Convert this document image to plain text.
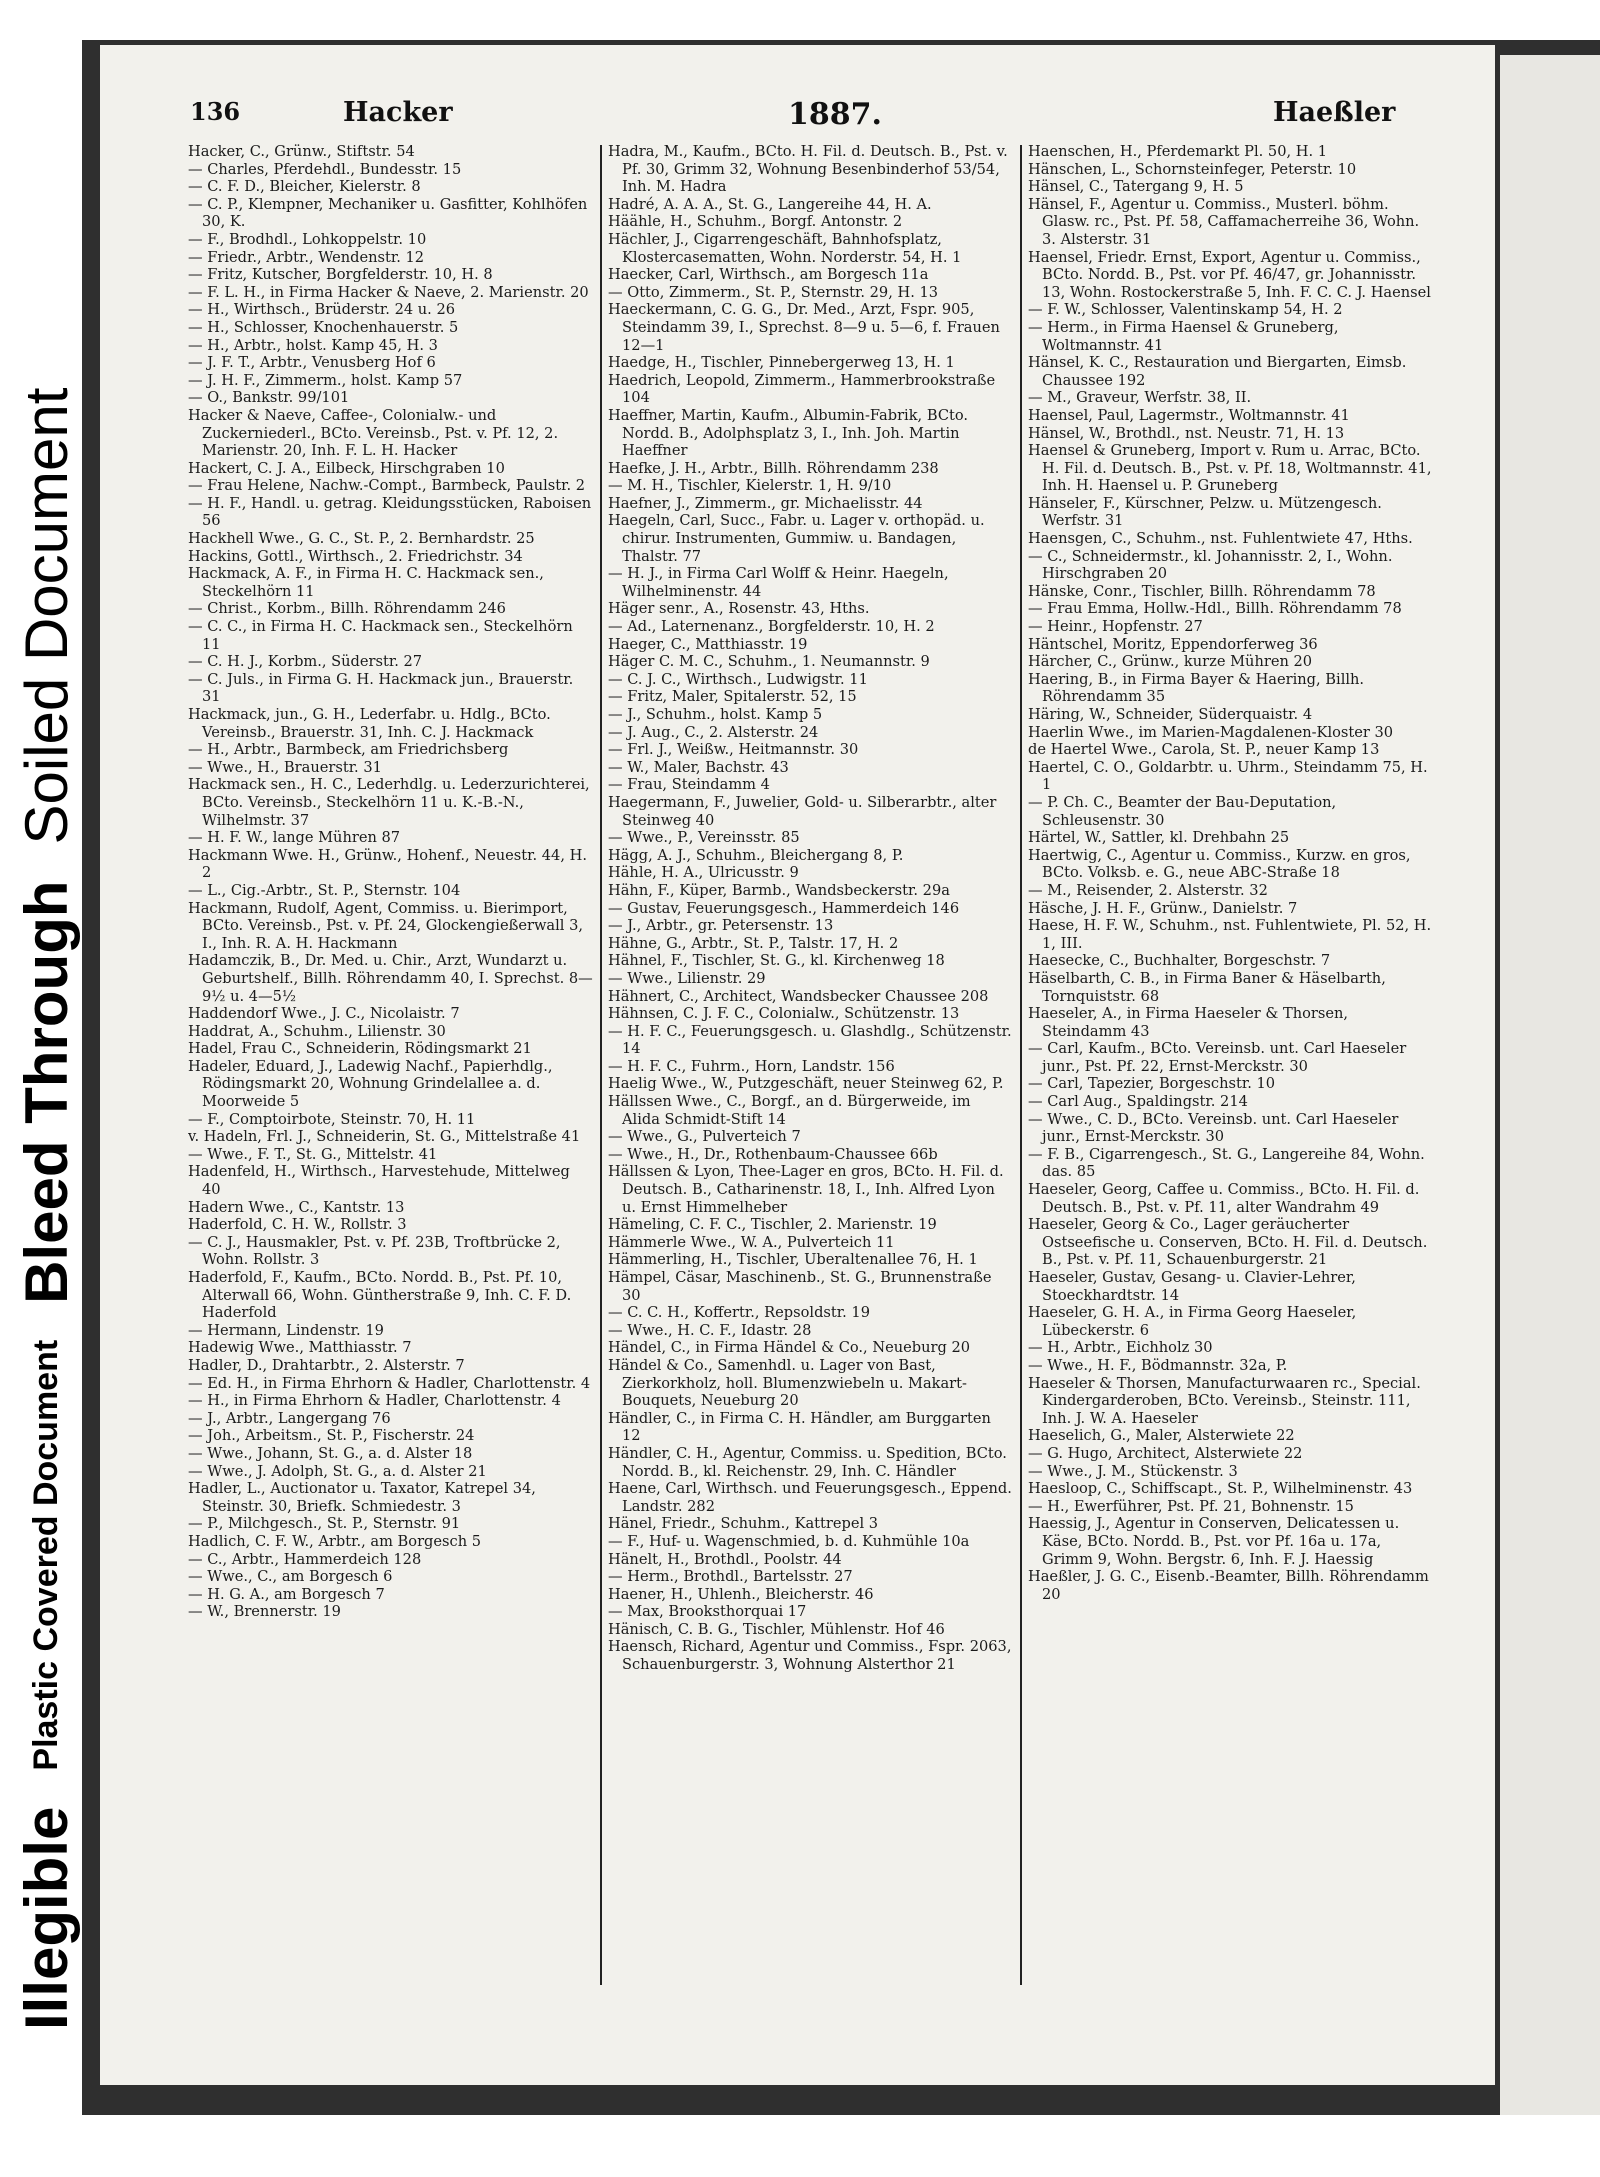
Illegible
Plastic Covered Document
Bleed Through
Soiled Document
136	Hacker	1887.	Haeßler

Hacker, C., Grünw., Stiftstr. 54

— Charles, Pferdehdl., Bundesstr. 15

— C. F. D., Bleicher, Kielerstr. 8

— C. P., Klempner, Mechaniker u. Gasfitter, Kohlhöfen 30, K.

— F., Brodhdl., Lohkoppelstr. 10

— Friedr., Arbtr., Wendenstr. 12

— Fritz, Kutscher, Borgfelderstr. 10, H. 8

— F. L. H., in Firma Hacker & Naeve, 2. Marienstr. 20

— H., Wirthsch., Brüderstr. 24 u. 26

— H., Schlosser, Knochenhauerstr. 5

— H., Arbtr., holst. Kamp 45, H. 3

— J. F. T., Arbtr., Venusberg Hof 6

— J. H. F., Zimmerm., holst. Kamp 57

— O., Bankstr. 99/101

Hacker & Naeve, Caffee-, Colonialw.- und Zuckerniederl., BCto. Vereinsb., Pst. v. Pf. 12, 2. Marienstr. 20, Inh. F. L. H. Hacker

Hackert, C. J. A., Eilbeck, Hirschgraben 10

— Frau Helene, Nachw.-Compt., Barmbeck, Paulstr. 2

— H. F., Handl. u. getrag. Kleidungsstücken, Raboisen 56

Hackhell Wwe., G. C., St. P., 2. Bernhardstr. 25

Hackins, Gottl., Wirthsch., 2. Friedrichstr. 34

Hackmack, A. F., in Firma H. C. Hackmack sen., Steckelhörn 11

— Christ., Korbm., Billh. Röhrendamm 246

— C. C., in Firma H. C. Hackmack sen., Steckelhörn 11

— C. H. J., Korbm., Süderstr. 27

— C. Juls., in Firma G. H. Hackmack jun., Brauerstr. 31

Hackmack, jun., G. H., Lederfabr. u. Hdlg., BCto. Vereinsb., Brauerstr. 31, Inh. C. J. Hackmack

— H., Arbtr., Barmbeck, am Friedrichsberg

— Wwe., H., Brauerstr. 31

Hackmack sen., H. C., Lederhdlg. u. Lederzurichterei, BCto. Vereinsb., Steckelhörn 11 u. K.-B.-N., Wilhelmstr. 37

— H. F. W., lange Mühren 87

Hackmann Wwe. H., Grünw., Hohenf., Neuestr. 44, H. 2

— L., Cig.-Arbtr., St. P., Sternstr. 104

Hackmann, Rudolf, Agent, Commiss. u. Bierimport, BCto. Vereinsb., Pst. v. Pf. 24, Glockengießerwall 3, I., Inh. R. A. H. Hackmann

Hadamczik, B., Dr. Med. u. Chir., Arzt, Wundarzt u. Geburtshelf., Billh. Röhrendamm 40, I. Sprechst. 8—9½ u. 4—5½

Haddendorf Wwe., J. C., Nicolaistr. 7

Haddrat, A., Schuhm., Lilienstr. 30

Hadel, Frau C., Schneiderin, Rödingsmarkt 21

Hadeler, Eduard, J., Ladewig Nachf., Papierhdlg., Rödingsmarkt 20, Wohnung Grindelallee a. d. Moorweide 5

— F., Comptoirbote, Steinstr. 70, H. 11

v. Hadeln, Frl. J., Schneiderin, St. G., Mittelstraße 41

— Wwe., F. T., St. G., Mittelstr. 41

Hadenfeld, H., Wirthsch., Harvestehude, Mittelweg 40

Hadern Wwe., C., Kantstr. 13

Haderfold, C. H. W., Rollstr. 3

— C. J., Hausmakler, Pst. v. Pf. 23B, Troftbrücke 2, Wohn. Rollstr. 3

Haderfold, F., Kaufm., BCto. Nordd. B., Pst. Pf. 10, Alterwall 66, Wohn. Güntherstraße 9, Inh. C. F. D. Haderfold

— Hermann, Lindenstr. 19

Hadewig Wwe., Matthiasstr. 7

Hadler, D., Drahtarbtr., 2. Alsterstr. 7

— Ed. H., in Firma Ehrhorn & Hadler, Charlottenstr. 4

— H., in Firma Ehrhorn & Hadler, Charlottenstr. 4

— J., Arbtr., Langergang 76

— Joh., Arbeitsm., St. P., Fischerstr. 24

— Wwe., Johann, St. G., a. d. Alster 18

— Wwe., J. Adolph, St. G., a. d. Alster 21

Hadler, L., Auctionator u. Taxator, Katrepel 34, Steinstr. 30, Briefk. Schmiedestr. 3

— P., Milchgesch., St. P., Sternstr. 91

Hadlich, C. F. W., Arbtr., am Borgesch 5

— C., Arbtr., Hammerdeich 128

— Wwe., C., am Borgesch 6

— H. G. A., am Borgesch 7

— W., Brennerstr. 19

Hadra, M., Kaufm., BCto. H. Fil. d. Deutsch. B., Pst. v. Pf. 30, Grimm 32, Wohnung Besenbinderhof 53/54, Inh. M. Hadra

Hadré, A. A. A., St. G., Langereihe 44, H. A.

Häähle, H., Schuhm., Borgf. Antonstr. 2

Hächler, J., Cigarrengeschäft, Bahnhofsplatz, Klostercasematten, Wohn. Norderstr. 54, H. 1

Haecker, Carl, Wirthsch., am Borgesch 11a

— Otto, Zimmerm., St. P., Sternstr. 29, H. 13

Haeckermann, C. G. G., Dr. Med., Arzt, Fspr. 905, Steindamm 39, I., Sprechst. 8—9 u. 5—6, f. Frauen 12—1

Haedge, H., Tischler, Pinnebergerweg 13, H. 1

Haedrich, Leopold, Zimmerm., Hammerbrookstraße 104

Haeffner, Martin, Kaufm., Albumin-Fabrik, BCto. Nordd. B., Adolphsplatz 3, I., Inh. Joh. Martin Haeffner

Haefke, J. H., Arbtr., Billh. Röhrendamm 238

— M. H., Tischler, Kielerstr. 1, H. 9/10

Haefner, J., Zimmerm., gr. Michaelisstr. 44

Haegeln, Carl, Succ., Fabr. u. Lager v. orthopäd. u. chirur. Instrumenten, Gummiw. u. Bandagen, Thalstr. 77

— H. J., in Firma Carl Wolff & Heinr. Haegeln, Wilhelminenstr. 44

Häger senr., A., Rosenstr. 43, Hths.

— Ad., Laternenanz., Borgfelderstr. 10, H. 2

Haeger, C., Matthiasstr. 19

Häger C. M. C., Schuhm., 1. Neumannstr. 9

— C. J. C., Wirthsch., Ludwigstr. 11

— Fritz, Maler, Spitalerstr. 52, 15

— J., Schuhm., holst. Kamp 5

— J. Aug., C., 2. Alsterstr. 24

— Frl. J., Weißw., Heitmannstr. 30

— W., Maler, Bachstr. 43

— Frau, Steindamm 4

Haegermann, F., Juwelier, Gold- u. Silberarbtr., alter Steinweg 40

— Wwe., P., Vereinsstr. 85

Hägg, A. J., Schuhm., Bleichergang 8, P.

Hähle, H. A., Ulricusstr. 9

Hähn, F., Küper, Barmb., Wandsbeckerstr. 29a

— Gustav, Feuerungsgesch., Hammerdeich 146

— J., Arbtr., gr. Petersenstr. 13

Hähne, G., Arbtr., St. P., Talstr. 17, H. 2

Hähnel, F., Tischler, St. G., kl. Kirchenweg 18

— Wwe., Lilienstr. 29

Hähnert, C., Architect, Wandsbecker Chaussee 208

Hähnsen, C. J. F. C., Colonialw., Schützenstr. 13

— H. F. C., Feuerungsgesch. u. Glashdlg., Schützenstr. 14

— H. F. C., Fuhrm., Horn, Landstr. 156

Haelig Wwe., W., Putzgeschäft, neuer Steinweg 62, P.

Hällssen Wwe., C., Borgf., an d. Bürgerweide, im Alida Schmidt-Stift 14

— Wwe., G., Pulverteich 7

— Wwe., H., Dr., Rothenbaum-Chaussee 66b

Hällssen & Lyon, Thee-Lager en gros, BCto. H. Fil. d. Deutsch. B., Catharinenstr. 18, I., Inh. Alfred Lyon u. Ernst Himmelheber

Hämeling, C. F. C., Tischler, 2. Marienstr. 19

Hämmerle Wwe., W. A., Pulverteich 11

Hämmerling, H., Tischler, Uberaltenallee 76, H. 1

Hämpel, Cäsar, Maschinenb., St. G., Brunnenstraße 30

— C. C. H., Koffertr., Repsoldstr. 19

— Wwe., H. C. F., Idastr. 28

Händel, C., in Firma Händel & Co., Neueburg 20

Händel & Co., Samenhdl. u. Lager von Bast, Zierkorkholz, holl. Blumenzwiebeln u. Makart-Bouquets, Neueburg 20

Händler, C., in Firma C. H. Händler, am Burggarten 12

Händler, C. H., Agentur, Commiss. u. Spedition, BCto. Nordd. B., kl. Reichenstr. 29, Inh. C. Händler

Haene, Carl, Wirthsch. und Feuerungsgesch., Eppend. Landstr. 282

Hänel, Friedr., Schuhm., Kattrepel 3

— F., Huf- u. Wagenschmied, b. d. Kuhmühle 10a

Hänelt, H., Brothdl., Poolstr. 44

— Herm., Brothdl., Bartelsstr. 27

Haener, H., Uhlenh., Bleicherstr. 46

— Max, Brooksthorquai 17

Hänisch, C. B. G., Tischler, Mühlenstr. Hof 46

Haensch, Richard, Agentur und Commiss., Fspr. 2063, Schauenburgerstr. 3, Wohnung Alsterthor 21

Haenschen, H., Pferdemarkt Pl. 50, H. 1

Hänschen, L., Schornsteinfeger, Peterstr. 10

Hänsel, C., Tatergang 9, H. 5

Hänsel, F., Agentur u. Commiss., Musterl. böhm. Glasw. rc., Pst. Pf. 58, Caffamacherreihe 36, Wohn. 3. Alsterstr. 31

Haensel, Friedr. Ernst, Export, Agentur u. Commiss., BCto. Nordd. B., Pst. vor Pf. 46/47, gr. Johannisstr. 13, Wohn. Rostockerstraße 5, Inh. F. C. C. J. Haensel

— F. W., Schlosser, Valentinskamp 54, H. 2

— Herm., in Firma Haensel & Gruneberg, Woltmannstr. 41

Hänsel, K. C., Restauration und Biergarten, Eimsb. Chaussee 192

— M., Graveur, Werfstr. 38, II.

Haensel, Paul, Lagermstr., Woltmannstr. 41

Hänsel, W., Brothdl., nst. Neustr. 71, H. 13

Haensel & Gruneberg, Import v. Rum u. Arrac, BCto. H. Fil. d. Deutsch. B., Pst. v. Pf. 18, Woltmannstr. 41, Inh. H. Haensel u. P. Gruneberg

Hänseler, F., Kürschner, Pelzw. u. Mützengesch. Werfstr. 31

Haensgen, C., Schuhm., nst. Fuhlentwiete 47, Hths.

— C., Schneidermstr., kl. Johannisstr. 2, I., Wohn. Hirschgraben 20

Hänske, Conr., Tischler, Billh. Röhrendamm 78

— Frau Emma, Hollw.-Hdl., Billh. Röhrendamm 78

— Heinr., Hopfenstr. 27

Häntschel, Moritz, Eppendorferweg 36

Härcher, C., Grünw., kurze Mühren 20

Haering, B., in Firma Bayer & Haering, Billh. Röhrendamm 35

Häring, W., Schneider, Süderquaistr. 4

Haerlin Wwe., im Marien-Magdalenen-Kloster 30

de Haertel Wwe., Carola, St. P., neuer Kamp 13

Haertel, C. O., Goldarbtr. u. Uhrm., Steindamm 75, H. 1

— P. Ch. C., Beamter der Bau-Deputation, Schleusenstr. 30

Härtel, W., Sattler, kl. Drehbahn 25

Haertwig, C., Agentur u. Commiss., Kurzw. en gros, BCto. Volksb. e. G., neue ABC-Straße 18

— M., Reisender, 2. Alsterstr. 32

Häsche, J. H. F., Grünw., Danielstr. 7

Haese, H. F. W., Schuhm., nst. Fuhlentwiete, Pl. 52, H. 1, III.

Haesecke, C., Buchhalter, Borgeschstr. 7

Häselbarth, C. B., in Firma Baner & Häselbarth, Tornquiststr. 68

Haeseler, A., in Firma Haeseler & Thorsen, Steindamm 43

— Carl, Kaufm., BCto. Vereinsb. unt. Carl Haeseler junr., Pst. Pf. 22, Ernst-Merckstr. 30

— Carl, Tapezier, Borgeschstr. 10

— Carl Aug., Spaldingstr. 214

— Wwe., C. D., BCto. Vereinsb. unt. Carl Haeseler junr., Ernst-Merckstr. 30

— F. B., Cigarrengesch., St. G., Langereihe 84, Wohn. das. 85

Haeseler, Georg, Caffee u. Commiss., BCto. H. Fil. d. Deutsch. B., Pst. v. Pf. 11, alter Wandrahm 49

Haeseler, Georg & Co., Lager geräucherter Ostseefische u. Conserven, BCto. H. Fil. d. Deutsch. B., Pst. v. Pf. 11, Schauenburgerstr. 21

Haeseler, Gustav, Gesang- u. Clavier-Lehrer, Stoeckhardtstr. 14

Haeseler, G. H. A., in Firma Georg Haeseler, Lübeckerstr. 6

— H., Arbtr., Eichholz 30

— Wwe., H. F., Bödmannstr. 32a, P.

Haeseler & Thorsen, Manufacturwaaren rc., Special. Kindergarderoben, BCto. Vereinsb., Steinstr. 111, Inh. J. W. A. Haeseler

Haeselich, G., Maler, Alsterwiete 22

— G. Hugo, Architect, Alsterwiete 22

— Wwe., J. M., Stückenstr. 3

Haesloop, C., Schiffscapt., St. P., Wilhelminenstr. 43

— H., Ewerführer, Pst. Pf. 21, Bohnenstr. 15

Haessig, J., Agentur in Conserven, Delicatessen u. Käse, BCto. Nordd. B., Pst. vor Pf. 16a u. 17a, Grimm 9, Wohn. Bergstr. 6, Inh. F. J. Haessig

Haeßler, J. G. C., Eisenb.-Beamter, Billh. Röhrendamm 20
